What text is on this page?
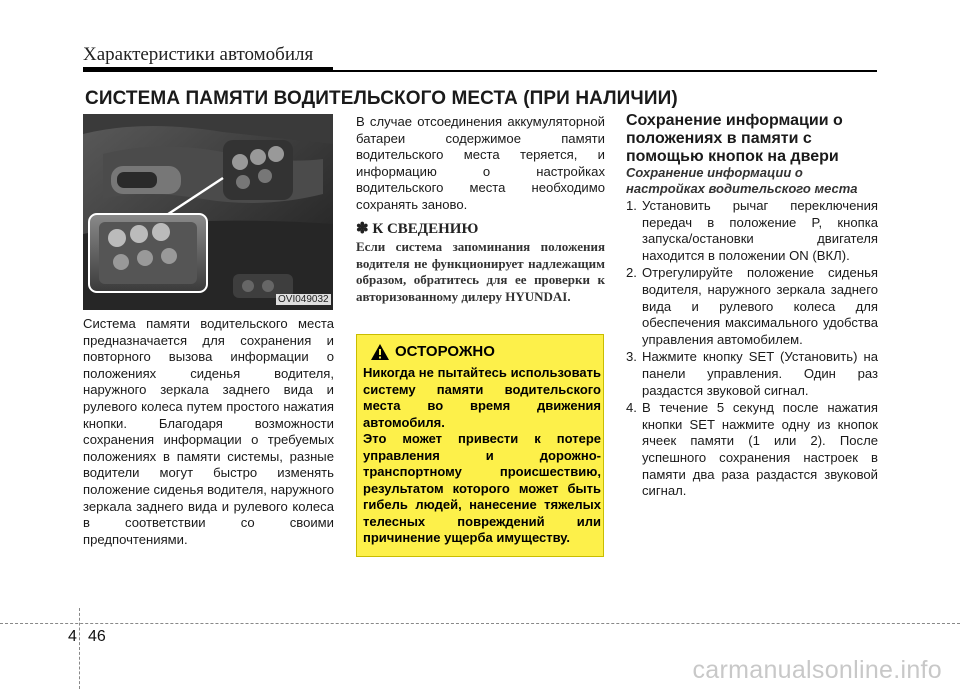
Характеристики автомобиля
СИСТЕМА ПАМЯТИ ВОДИТЕЛЬСКОГО МЕСТА (ПРИ НАЛИЧИИ)
OVI049032
Система памяти водительского места предназначается для сохранения и повторного вызова информации о положениях сиденья водителя, наружного зеркала заднего вида и рулевого колеса путем простого нажатия кнопки. Благодаря возможности сохранения информации о требуемых положениях в памяти системы, разные водители могут быстро изменять положение сиденья водителя, наружного зеркала заднего вида и рулевого колеса в соответствии со своими предпочтениями.
В случае отсоединения аккумуляторной батареи содержимое памяти водительского места теряется, и информацию о настройках водительского места необходимо сохранять заново.
✽ К СВЕДЕНИЮ
Если система запоминания положения водителя не функционирует надлежащим образом, обратитесь для ее проверки к авторизованному дилеру HYUNDAI.
ОСТОРОЖНО
Никогда не пытайтесь использовать систему памяти водительского места во время движения автомобиля.
Это может привести к потере управления и дорожно-транспортному происшествию, результатом которого может быть гибель людей, нанесение тяжелых телесных повреждений или причинение ущерба имуществу.
Сохранение информации о положениях в памяти с помощью кнопок на двери
Сохранение информации о настройках водительского места
1. Установить рычаг переключения передач в положение P, кнопка запуска/остановки двигателя находится в положении ON (ВКЛ).
2. Отрегулируйте положение сиденья водителя, наружного зеркала заднего вида и рулевого колеса для обеспечения максимального удобства управления автомобилем.
3. Нажмите кнопку SET (Установить) на панели управления. Один раз раздастся звуковой сигнал.
4. В течение 5 секунд после нажатия кнопки SET нажмите одну из кнопок ячеек памяти (1 или 2). После успешного сохранения настроек в памяти два раза раздастся звуковой сигнал.
4 46
carmanualsonline.info
